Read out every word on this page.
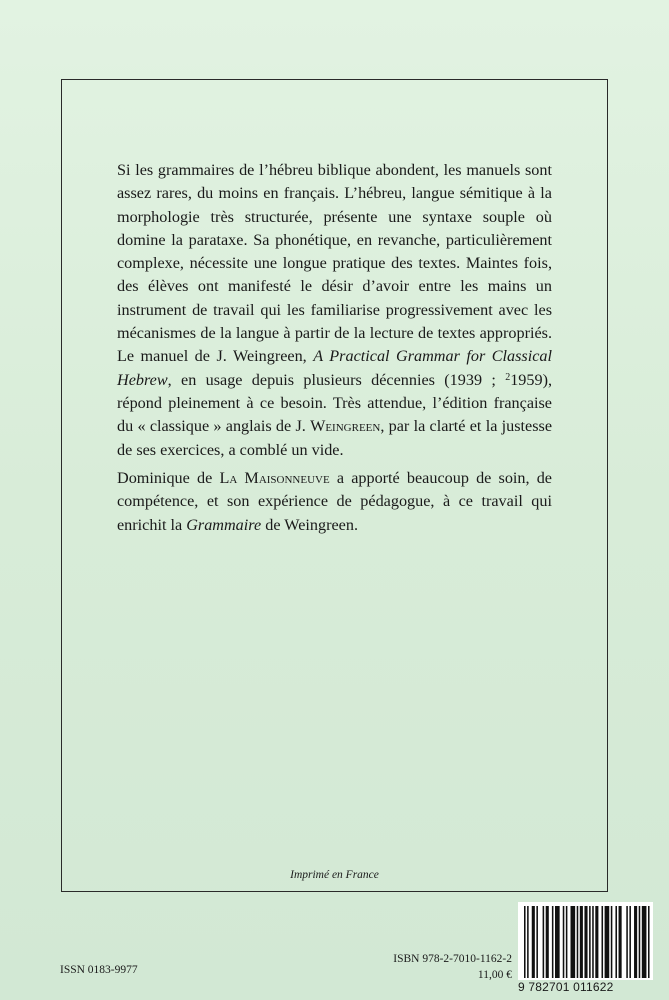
Si les grammaires de l’hébreu biblique abondent, les manuels sont assez rares, du moins en français. L’hébreu, langue sémitique à la morphologie très structurée, présente une syntaxe souple où domine la parataxe. Sa phonétique, en revanche, particulièrement complexe, nécessite une longue pratique des textes. Maintes fois, des élèves ont manifesté le désir d’avoir entre les mains un instrument de travail qui les familiarise progressivement avec les mécanismes de la langue à partir de la lecture de textes appropriés. Le manuel de J. Weingreen, A Practical Grammar for Classical Hebrew, en usage depuis plusieurs décennies (1939 ; $^2$1959), répond pleinement à ce besoin. Très attendue, l’édition française du « classique » anglais de J. Weingreen, par la clarté et la justesse de ses exercices, a comblé un vide.

Dominique de La Maisonneuve a apporté beaucoup de soin, de compétence, et son expérience de pédagogue, à ce travail qui enrichit la Grammaire de Weingreen.

Imprimé en France
ISSN 0183-9977
ISBN 978-2-7010-1162-2
11,00 €
9 782701 011622
